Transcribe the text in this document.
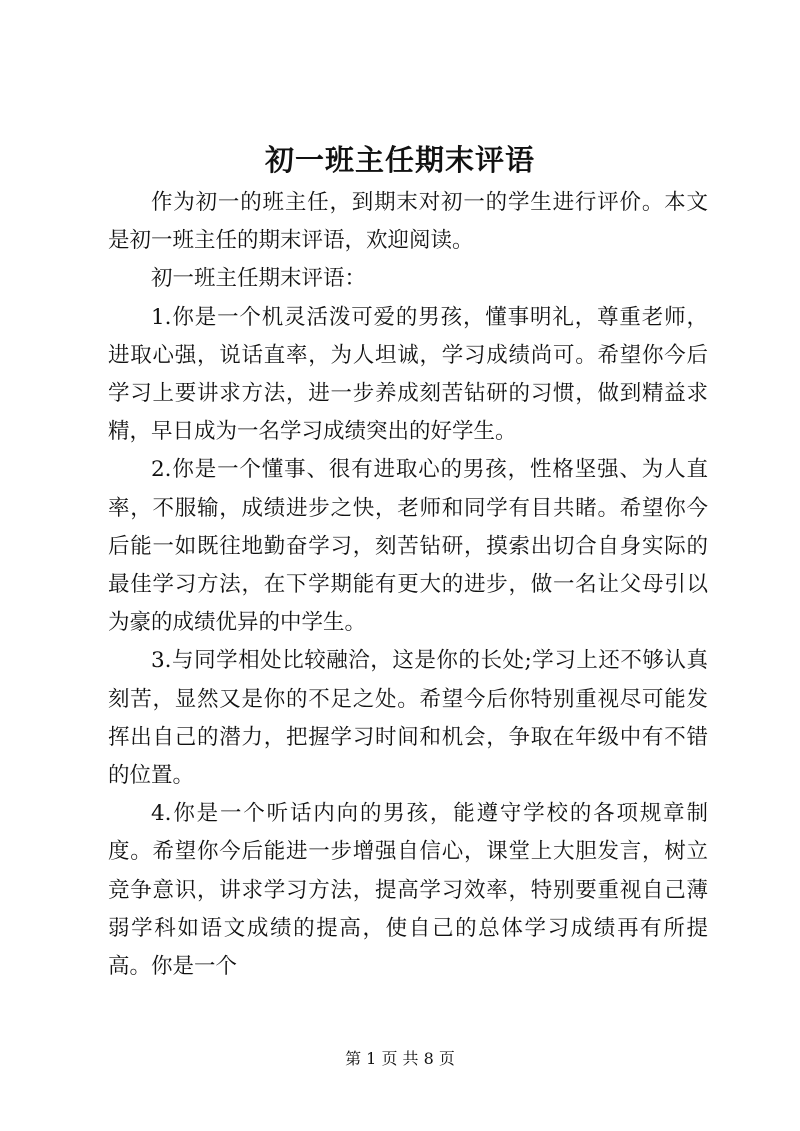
初一班主任期末评语

作为初一的班主任，到期末对初一的学生进行评价。本文是初一班主任的期末评语，欢迎阅读。

初一班主任期末评语：

1.你是一个机灵活泼可爱的男孩，懂事明礼，尊重老师，进取心强，说话直率，为人坦诚，学习成绩尚可。希望你今后学习上要讲求方法，进一步养成刻苦钻研的习惯，做到精益求精，早日成为一名学习成绩突出的好学生。

2.你是一个懂事、很有进取心的男孩，性格坚强、为人直率，不服输，成绩进步之快，老师和同学有目共睹。希望你今后能一如既往地勤奋学习，刻苦钻研，摸索出切合自身实际的最佳学习方法，在下学期能有更大的进步，做一名让父母引以为豪的成绩优异的中学生。

3.与同学相处比较融洽，这是你的长处;学习上还不够认真刻苦，显然又是你的不足之处。希望今后你特别重视尽可能发挥出自己的潜力，把握学习时间和机会，争取在年级中有不错的位置。

4.你是一个听话内向的男孩，能遵守学校的各项规章制度。希望你今后能进一步增强自信心，课堂上大胆发言，树立竞争意识，讲求学习方法，提高学习效率，特别要重视自己薄弱学科如语文成绩的提高，使自己的总体学习成绩再有所提高。你是一个

第 1 页 共 8 页
